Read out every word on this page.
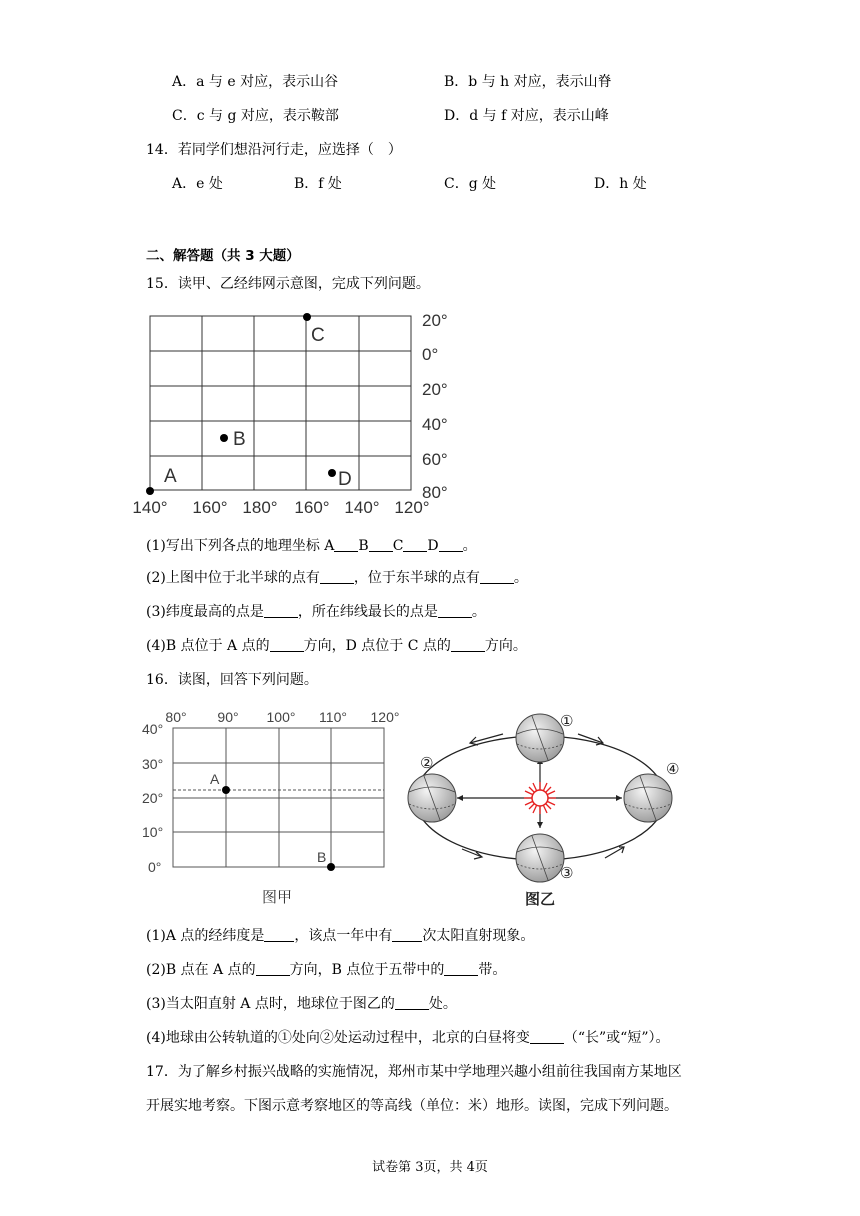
A．a 与 e 对应，表示山谷	B．b 与 h 对应，表示山脊
C．c 与 g 对应，表示鞍部	D．d 与 f 对应，表示山峰
14．若同学们想沿河行走，应选择（　）
A．e 处	B．f 处	C．g 处	D．h 处
二、解答题（共 3 大题）
15．读甲、乙经纬网示意图，完成下列问题。
20°
0°
20°
40°
60°
80°
140° 160° 180° 160° 140° 120°
A
B
C
D
(1)写出下列各点的地理坐标 A B C D 。
(2)上图中位于北半球的点有 ，位于东半球的点有 。
(3)纬度最高的点是 ，所在纬线最长的点是 。
(4)B 点位于 A 点的 方向，D 点位于 C 点的 方向。
16．读图，回答下列问题。
80° 90° 100° 110° 120°
40°
30°
20°
10°
0°
A
B
图甲
①
②
③
④
图乙
(1)A 点的经纬度是 ，该点一年中有 次太阳直射现象。
(2)B 点在 A 点的 方向，B 点位于五带中的 带。
(3)当太阳直射 A 点时，地球位于图乙的 处。
(4)地球由公转轨道的①处向②处运动过程中，北京的白昼将变 （“长”或“短”）。
17．为了解乡村振兴战略的实施情况，郑州市某中学地理兴趣小组前往我国南方某地区
开展实地考察。下图示意考察地区的等高线（单位：米）地形。读图，完成下列问题。
试卷第 3页，共 4页
